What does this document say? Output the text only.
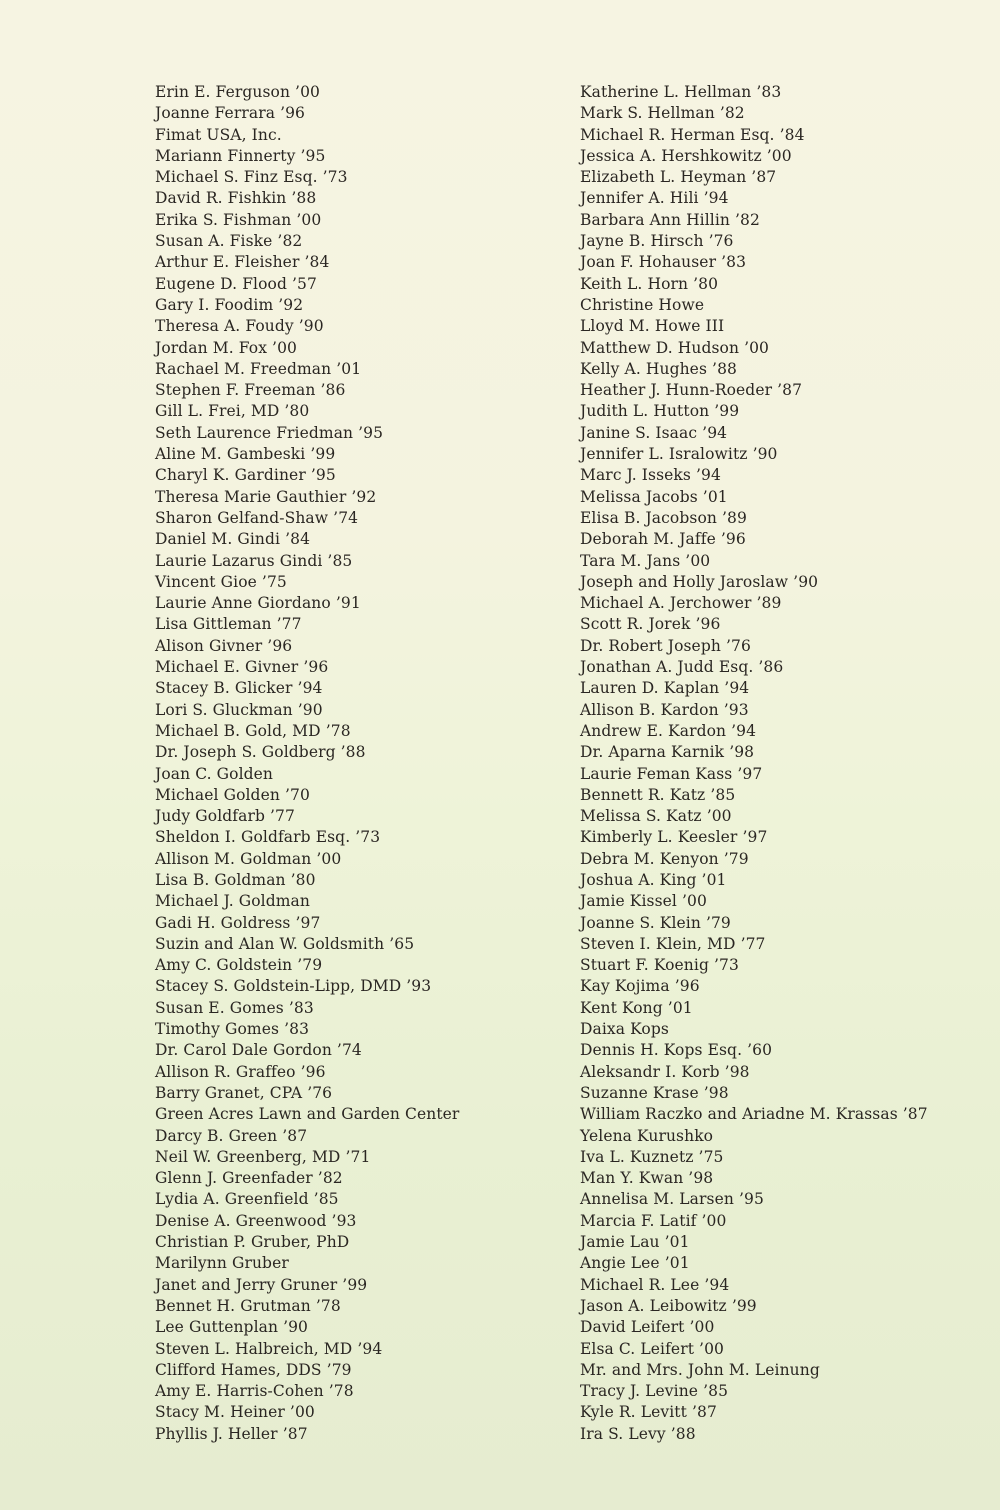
Erin E. Ferguson ’00
Joanne Ferrara ’96
Fimat USA, Inc.
Mariann Finnerty ’95
Michael S. Finz Esq. ’73
David R. Fishkin ’88
Erika S. Fishman ’00
Susan A. Fiske ’82
Arthur E. Fleisher ’84
Eugene D. Flood ’57
Gary I. Foodim ’92
Theresa A. Foudy ’90
Jordan M. Fox ’00
Rachael M. Freedman ’01
Stephen F. Freeman ’86
Gill L. Frei, MD ’80
Seth Laurence Friedman ’95
Aline M. Gambeski ’99
Charyl K. Gardiner ’95
Theresa Marie Gauthier ’92
Sharon Gelfand-Shaw ’74
Daniel M. Gindi ’84
Laurie Lazarus Gindi ’85
Vincent Gioe ’75
Laurie Anne Giordano ’91
Lisa Gittleman ’77
Alison Givner ’96
Michael E. Givner ’96
Stacey B. Glicker ’94
Lori S. Gluckman ’90
Michael B. Gold, MD ’78
Dr. Joseph S. Goldberg ’88
Joan C. Golden
Michael Golden ’70
Judy Goldfarb ’77
Sheldon I. Goldfarb Esq. ’73
Allison M. Goldman ’00
Lisa B. Goldman ’80
Michael J. Goldman
Gadi H. Goldress ’97
Suzin and Alan W. Goldsmith ’65
Amy C. Goldstein ’79
Stacey S. Goldstein-Lipp, DMD ’93
Susan E. Gomes ’83
Timothy Gomes ’83
Dr. Carol Dale Gordon ’74
Allison R. Graffeo ’96
Barry Granet, CPA ’76
Green Acres Lawn and Garden Center
Darcy B. Green ’87
Neil W. Greenberg, MD ’71
Glenn J. Greenfader ’82
Lydia A. Greenfield ’85
Denise A. Greenwood ’93
Christian P. Gruber, PhD
Marilynn Gruber
Janet and Jerry Gruner ’99
Bennet H. Grutman ’78
Lee Guttenplan ’90
Steven L. Halbreich, MD ’94
Clifford Hames, DDS ’79
Amy E. Harris-Cohen ’78
Stacy M. Heiner ’00
Phyllis J. Heller ’87
Katherine L. Hellman ’83
Mark S. Hellman ’82
Michael R. Herman Esq. ’84
Jessica A. Hershkowitz ’00
Elizabeth L. Heyman ’87
Jennifer A. Hili ’94
Barbara Ann Hillin ’82
Jayne B. Hirsch ’76
Joan F. Hohauser ’83
Keith L. Horn ’80
Christine Howe
Lloyd M. Howe III
Matthew D. Hudson ’00
Kelly A. Hughes ’88
Heather J. Hunn-Roeder ’87
Judith L. Hutton ’99
Janine S. Isaac ’94
Jennifer L. Isralowitz ’90
Marc J. Isseks ’94
Melissa Jacobs ’01
Elisa B. Jacobson ’89
Deborah M. Jaffe ’96
Tara M. Jans ’00
Joseph and Holly Jaroslaw ’90
Michael A. Jerchower ’89
Scott R. Jorek ’96
Dr. Robert Joseph ’76
Jonathan A. Judd Esq. ’86
Lauren D. Kaplan ’94
Allison B. Kardon ’93
Andrew E. Kardon ’94
Dr. Aparna Karnik ’98
Laurie Feman Kass ’97
Bennett R. Katz ’85
Melissa S. Katz ’00
Kimberly L. Keesler ’97
Debra M. Kenyon ’79
Joshua A. King ’01
Jamie Kissel ’00
Joanne S. Klein ’79
Steven I. Klein, MD ’77
Stuart F. Koenig ’73
Kay Kojima ’96
Kent Kong ’01
Daixa Kops
Dennis H. Kops Esq. ’60
Aleksandr I. Korb ’98
Suzanne Krase ’98
William Raczko and Ariadne M. Krassas ’87
Yelena Kurushko
Iva L. Kuznetz ’75
Man Y. Kwan ’98
Annelisa M. Larsen ’95
Marcia F. Latif ’00
Jamie Lau ’01
Angie Lee ’01
Michael R. Lee ’94
Jason A. Leibowitz ’99
David Leifert ’00
Elsa C. Leifert ’00
Mr. and Mrs. John M. Leinung
Tracy J. Levine ’85
Kyle R. Levitt ’87
Ira S. Levy ’88
